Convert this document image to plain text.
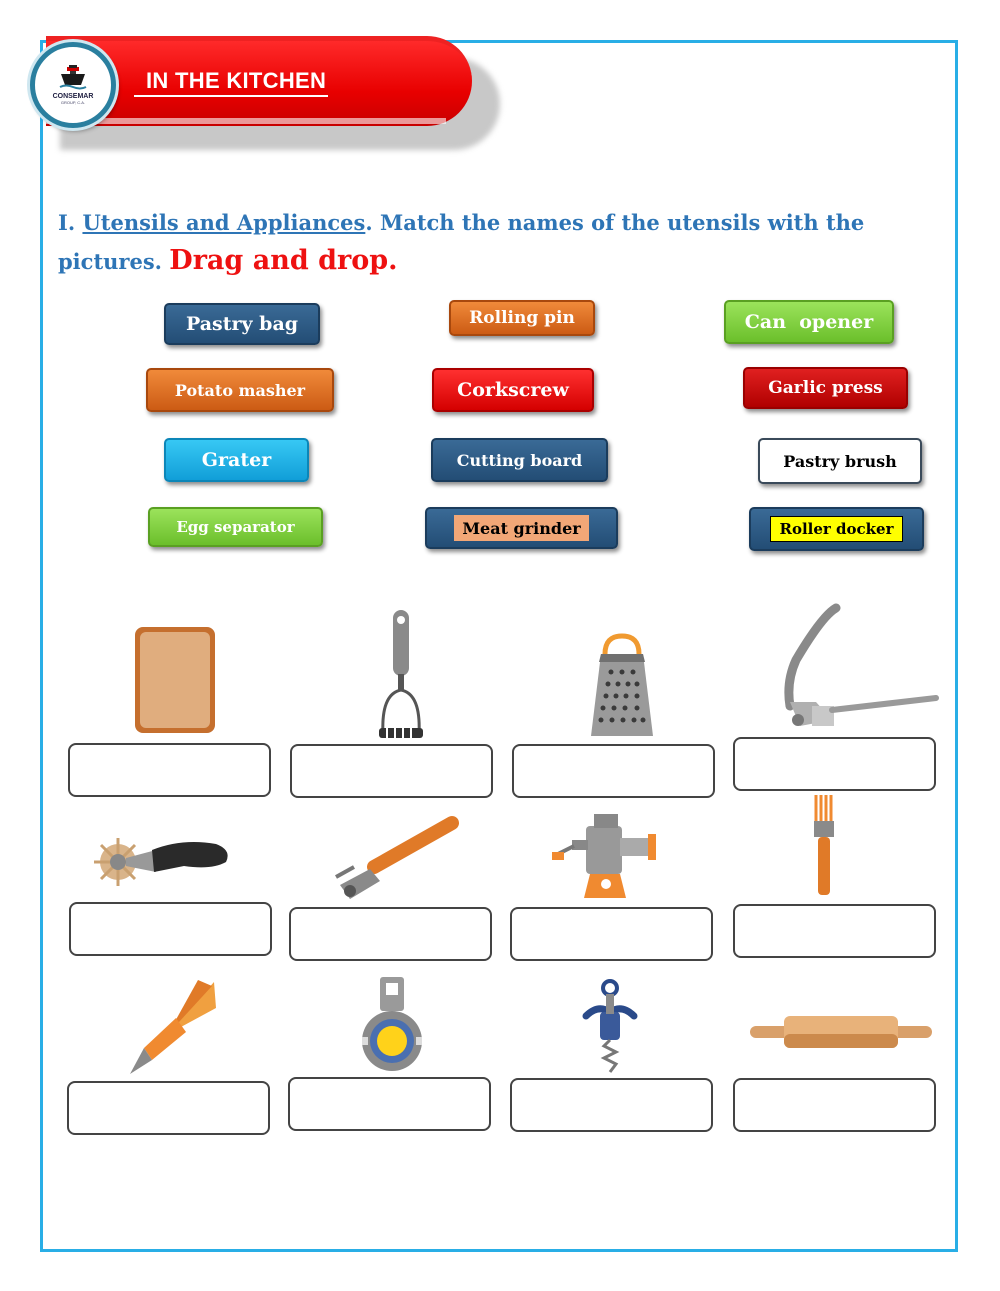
IN THE KITCHEN
CONSEMAR
GROUP, C.A.
I. Utensils and Appliances. Match the names of the utensils with the pictures. Drag and drop.
Pastry bag	Rolling pin	Can  opener
Potato masher	Corkscrew	Garlic press
Grater	Cutting board	Pastry brush
Egg separator	Meat grinder	Roller docker
